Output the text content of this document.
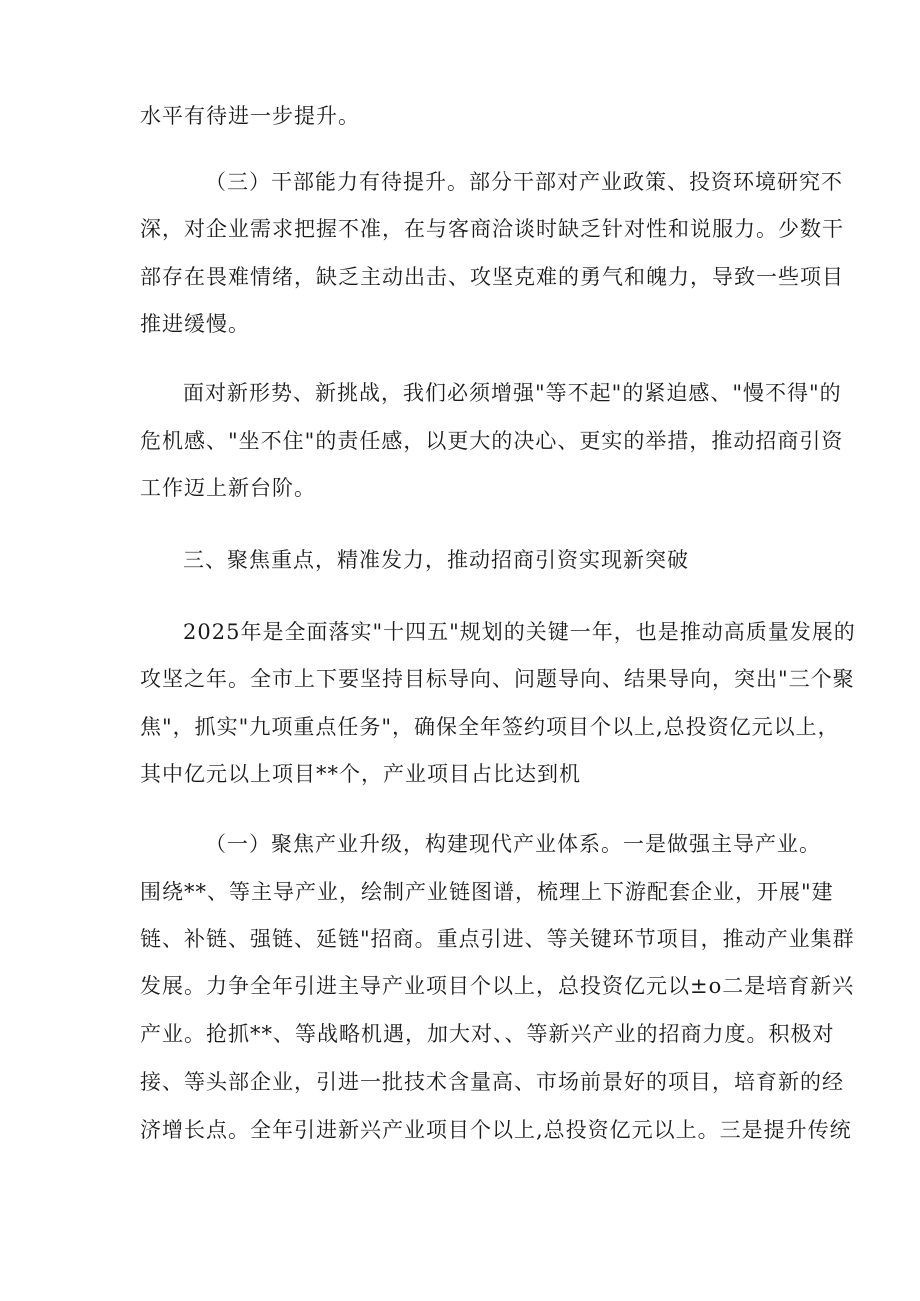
水平有待进一步提升。
（三）干部能力有待提升。部分干部对产业政策、投资环境研究不
深，对企业需求把握不准，在与客商洽谈时缺乏针对性和说服力。少数干
部存在畏难情绪，缺乏主动出击、攻坚克难的勇气和魄力，导致一些项目
推进缓慢。
面对新形势、新挑战，我们必须增强"等不起"的紧迫感、"慢不得"的
危机感、"坐不住"的责任感，以更大的决心、更实的举措，推动招商引资
工作迈上新台阶。
三、聚焦重点，精准发力，推动招商引资实现新突破
2025年是全面落实"十四五"规划的关键一年，也是推动高质量发展的
攻坚之年。全市上下要坚持目标导向、问题导向、结果导向，突出"三个聚
焦"，抓实"九项重点任务"，确保全年签约项目个以上,总投资亿元以上，
其中亿元以上项目**个，产业项目占比达到机
（一）聚焦产业升级，构建现代产业体系。一是做强主导产业。
围绕**、等主导产业，绘制产业链图谱，梳理上下游配套企业，开展"建
链、补链、强链、延链"招商。重点引进、等关键环节项目，推动产业集群
发展。力争全年引进主导产业项目个以上，总投资亿元以±o二是培育新兴
产业。抢抓**、等战略机遇，加大对、、等新兴产业的招商力度。积极对
接、等头部企业，引进一批技术含量高、市场前景好的项目，培育新的经
济增长点。全年引进新兴产业项目个以上,总投资亿元以上。三是提升传统
